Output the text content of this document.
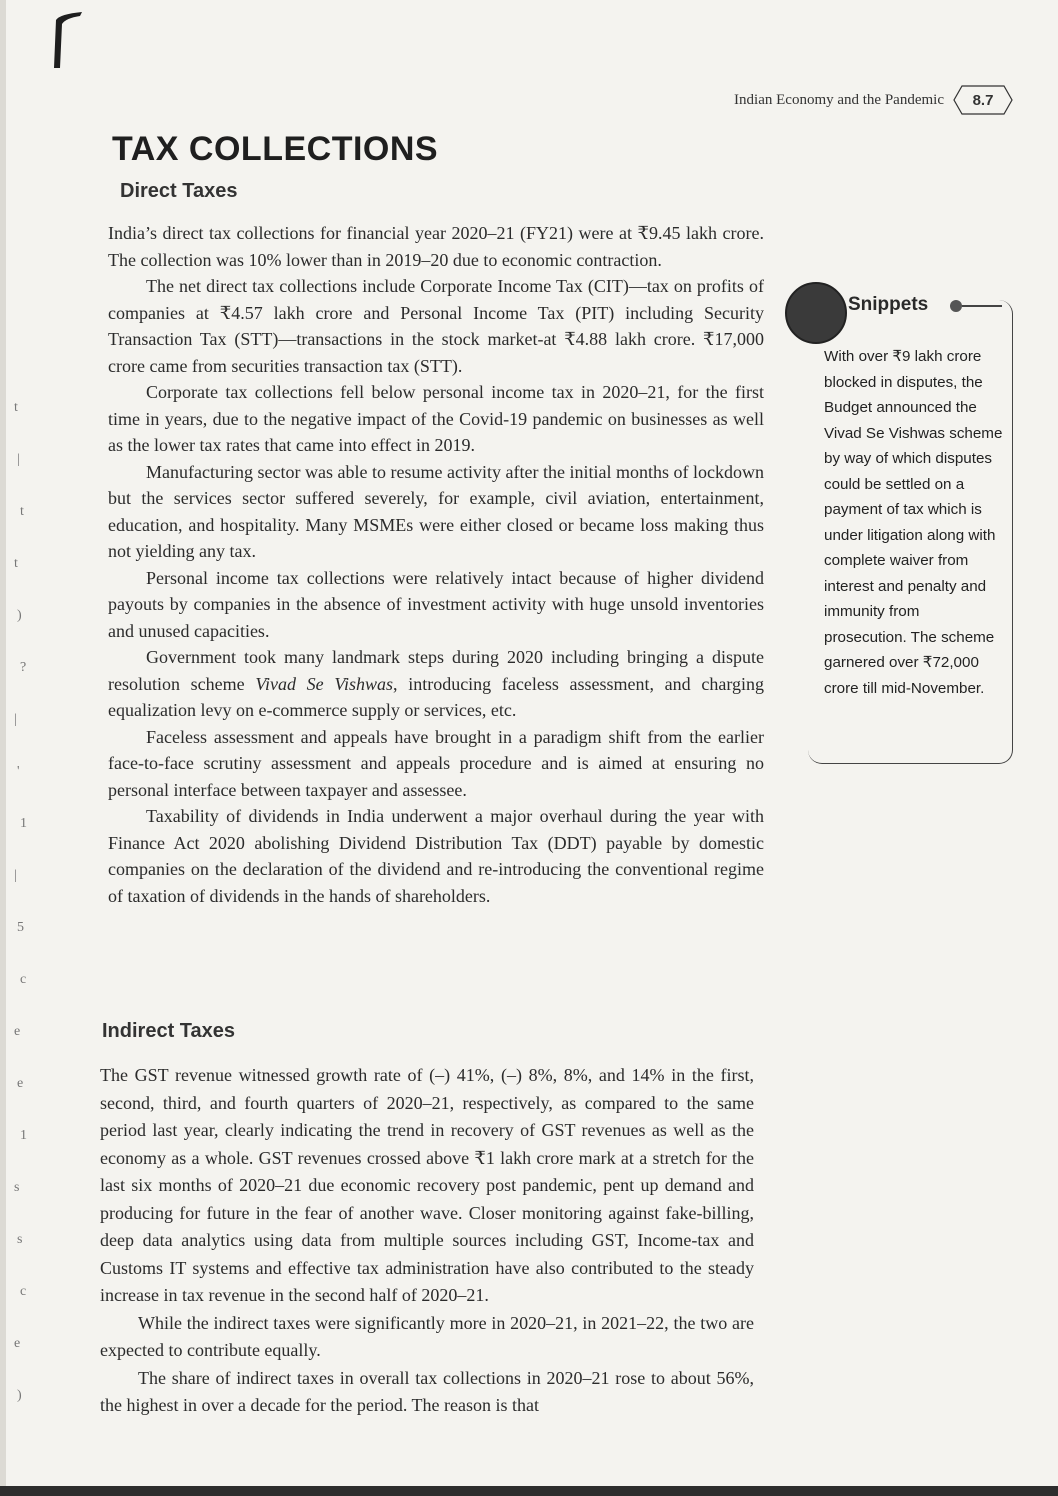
Indian Economy and the Pandemic 8.7
TAX COLLECTIONS
Direct Taxes

India’s direct tax collections for financial year 2020–21 (FY21) were at ₹9.45 lakh crore. The collection was 10% lower than in 2019–20 due to economic contraction.

The net direct tax collections include Corporate Income Tax (CIT)—tax on profits of companies at ₹4.57 lakh crore and Personal Income Tax (PIT) including Security Transaction Tax (STT)—transactions in the stock market-at ₹4.88 lakh crore. ₹17,000 crore came from securities transaction tax (STT).

Corporate tax collections fell below personal income tax in 2020–21, for the first time in years, due to the negative impact of the Covid-19 pandemic on businesses as well as the lower tax rates that came into effect in 2019.

Manufacturing sector was able to resume activity after the initial months of lockdown but the services sector suffered severely, for example, civil aviation, entertainment, education, and hospitality. Many MSMEs were either closed or became loss making thus not yielding any tax.

Personal income tax collections were relatively intact because of higher dividend payouts by companies in the absence of investment activity with huge unsold inventories and unused capacities.

Government took many landmark steps during 2020 including bringing a dispute resolution scheme Vivad Se Vishwas, introducing faceless assessment, and charging equalization levy on e-commerce supply or services, etc.

Faceless assessment and appeals have brought in a paradigm shift from the earlier face-to-face scrutiny assessment and appeals procedure and is aimed at ensuring no personal interface between taxpayer and assessee.

Taxability of dividends in India underwent a major overhaul during the year with Finance Act 2020 abolishing Dividend Distribution Tax (DDT) payable by domestic companies on the declaration of the dividend and re-introducing the conventional regime of taxation of dividends in the hands of shareholders.

Snippets

With over ₹9 lakh crore blocked in disputes, the Budget announced the Vivad Se Vishwas scheme by way of which disputes could be settled on a payment of tax which is under litigation along with complete waiver from interest and penalty and immunity from prosecution. The scheme garnered over ₹72,000 crore till mid-November.

Indirect Taxes

The GST revenue witnessed growth rate of (–) 41%, (–) 8%, 8%, and 14% in the first, second, third, and fourth quarters of 2020–21, respectively, as compared to the same period last year, clearly indicating the trend in recovery of GST revenues as well as the economy as a whole. GST revenues crossed above ₹1 lakh crore mark at a stretch for the last six months of 2020–21 due economic recovery post pandemic, pent up demand and producing for future in the fear of another wave. Closer monitoring against fake-billing, deep data analytics using data from multiple sources including GST, Income-tax and Customs IT systems and effective tax administration have also contributed to the steady increase in tax revenue in the second half of 2020–21.

While the indirect taxes were significantly more in 2020–21, in 2021–22, the two are expected to contribute equally.

The share of indirect taxes in overall tax collections in 2020–21 rose to about 56%, the highest in over a decade for the period. The reason is that

t
|
t
t
)
?
|
'
1
|
5
c
e
e
1
s
s
c
e
)
